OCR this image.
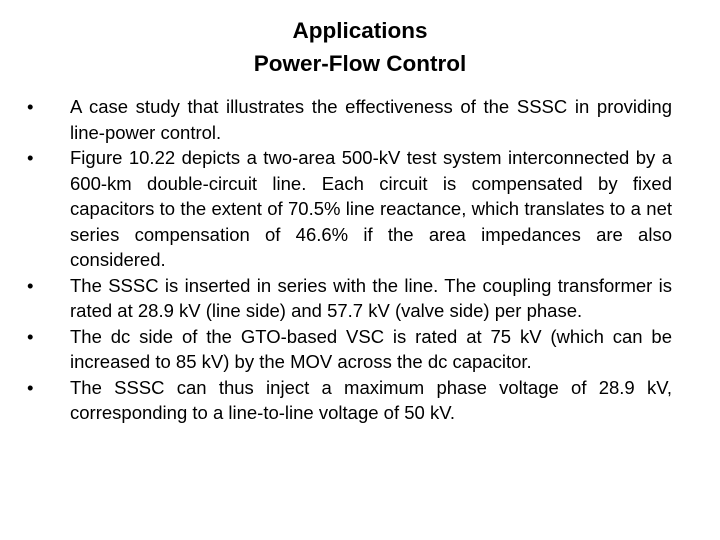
Applications
Power-Flow Control
• A case study that illustrates the effectiveness of the SSSC in providing line-power control.
• Figure 10.22 depicts a two-area 500-kV test system interconnected by a 600-km double-circuit line. Each circuit is compensated by fixed capacitors to the extent of 70.5% line reactance, which translates to a net series compensation of 46.6% if the area impedances are also considered.
• The SSSC is inserted in series with the line. The coupling transformer is rated at 28.9 kV (line side) and 57.7 kV (valve side) per phase.
• The dc side of the GTO-based VSC is rated at 75 kV (which can be increased to 85 kV) by the MOV across the dc capacitor.
• The SSSC can thus inject a maximum phase voltage of 28.9 kV, corresponding to a line-to-line voltage of 50 kV.
